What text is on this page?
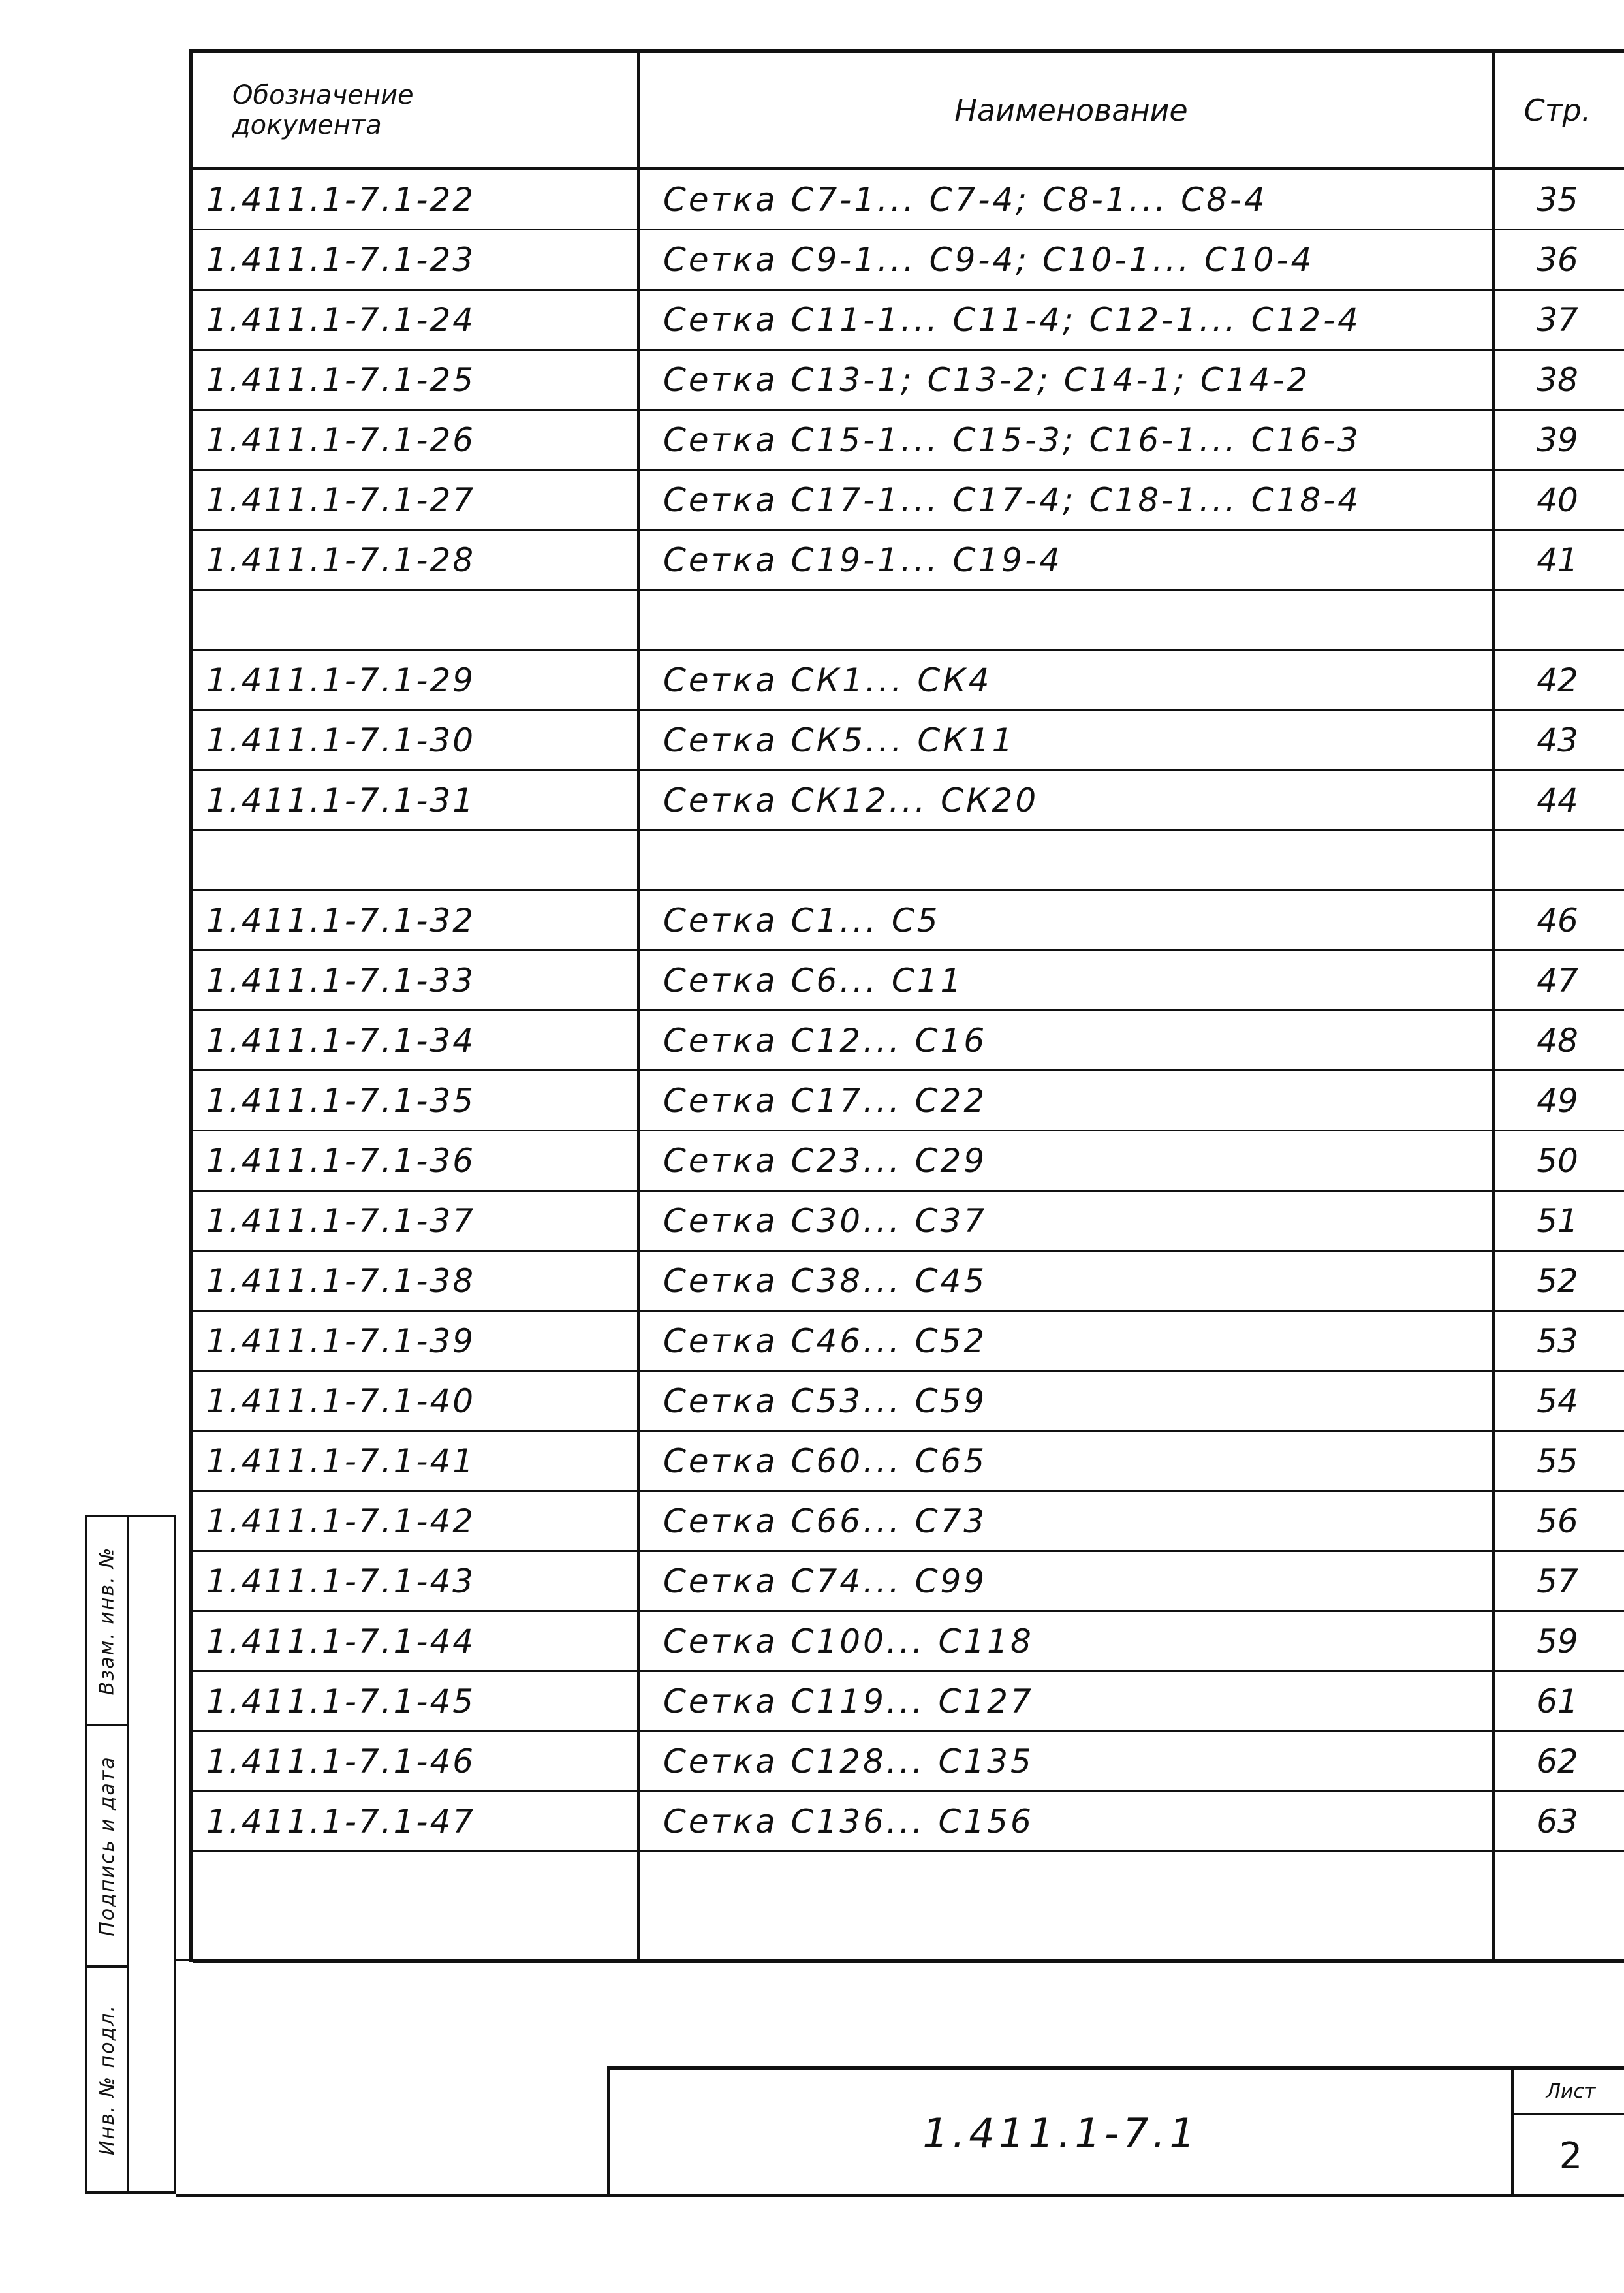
Обозначение
документа	Наименование	Стр.
1.411.1-7.1-22	Сетка С7-1... С7-4; С8-1... С8-4	35
1.411.1-7.1-23	Сетка С9-1... С9-4; С10-1... С10-4	36
1.411.1-7.1-24	Сетка С11-1... С11-4; С12-1... С12-4	37
1.411.1-7.1-25	Сетка С13-1; С13-2; С14-1; С14-2	38
1.411.1-7.1-26	Сетка С15-1... С15-3; С16-1... С16-3	39
1.411.1-7.1-27	Сетка С17-1... С17-4; С18-1... С18-4	40
1.411.1-7.1-28	Сетка С19-1... С19-4	41
1.411.1-7.1-29	Сетка СК1... СК4	42
1.411.1-7.1-30	Сетка СК5... СК11	43
1.411.1-7.1-31	Сетка СК12... СК20	44
1.411.1-7.1-32	Сетка С1... С5	46
1.411.1-7.1-33	Сетка С6... С11	47
1.411.1-7.1-34	Сетка С12... С16	48
1.411.1-7.1-35	Сетка С17... С22	49
1.411.1-7.1-36	Сетка С23... С29	50
1.411.1-7.1-37	Сетка С30... С37	51
1.411.1-7.1-38	Сетка С38... С45	52
1.411.1-7.1-39	Сетка С46... С52	53
1.411.1-7.1-40	Сетка С53... С59	54
1.411.1-7.1-41	Сетка С60... С65	55
1.411.1-7.1-42	Сетка С66... С73	56
1.411.1-7.1-43	Сетка С74... С99	57
1.411.1-7.1-44	Сетка С100... С118	59
1.411.1-7.1-45	Сетка С119... С127	61
1.411.1-7.1-46	Сетка С128... С135	62
1.411.1-7.1-47	Сетка С136... С156	63
Взам. инв. №
Подпись и дата
Инв. № подл.	1.411.1-7.1
Лист
2
